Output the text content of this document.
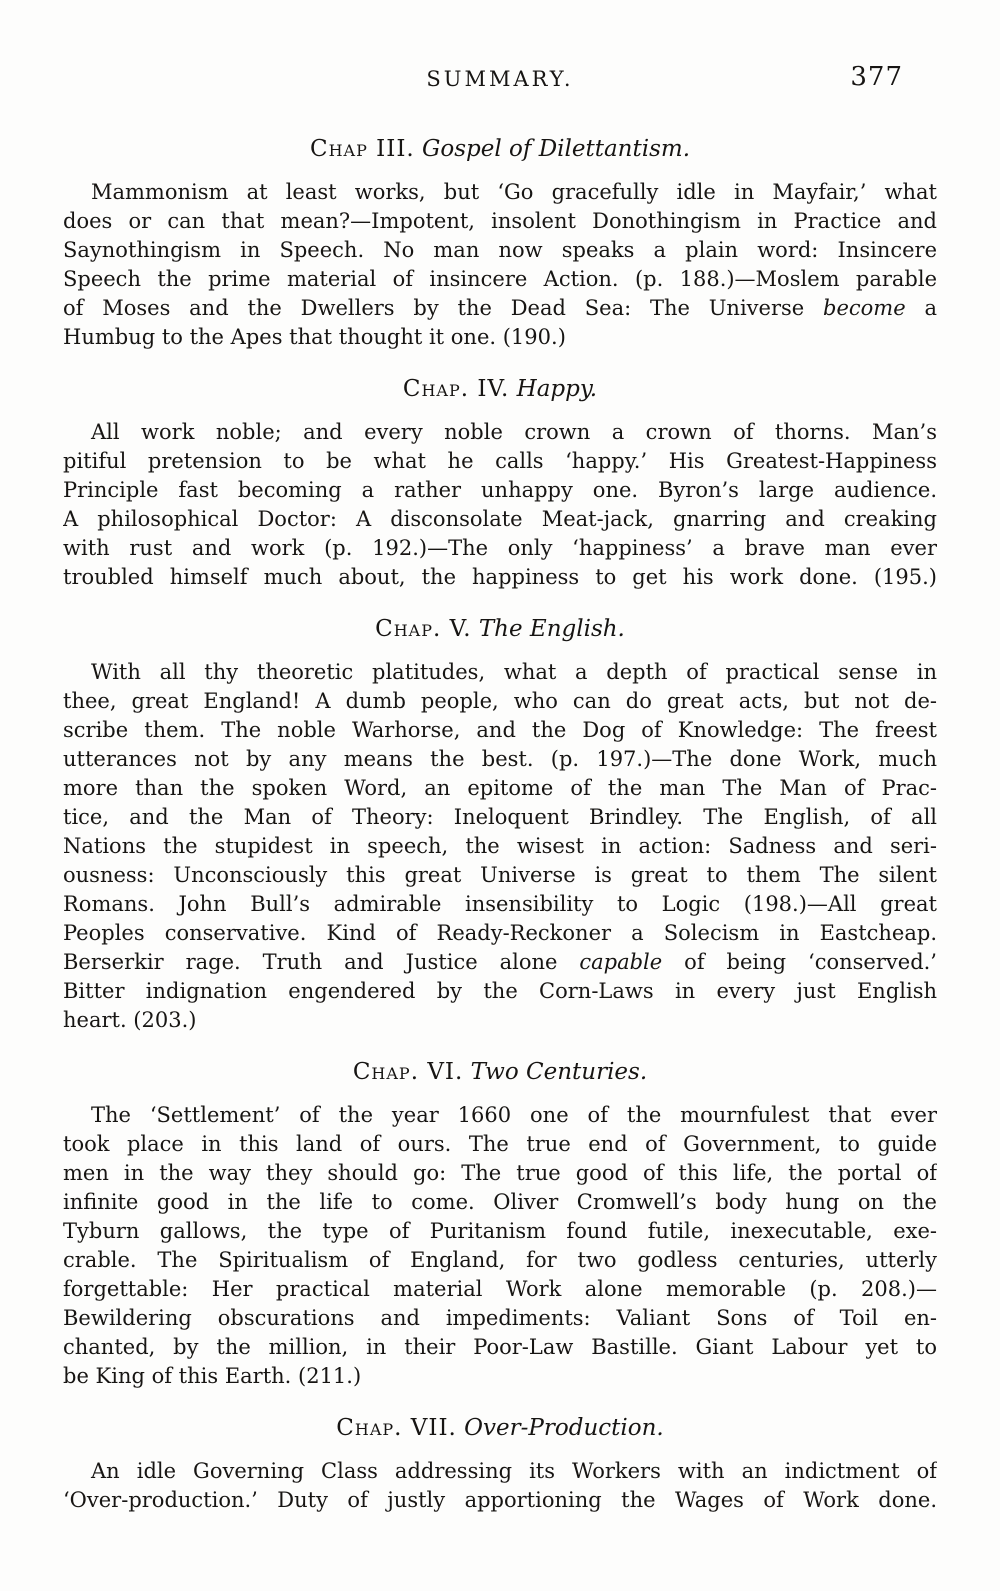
SUMMARY.	377
Chap III. Gospel of Dilettantism.
Mammonism at least works, but ‘Go gracefully idle in Mayfair,’ what
does or can that mean?—Impotent, insolent Donothingism in Practice and
Saynothingism in Speech. No man now speaks a plain word: Insincere
Speech the prime material of insincere Action. (p. 188.)—Moslem parable
of Moses and the Dwellers by the Dead Sea: The Universe become a
Humbug to the Apes that thought it one. (190.)
Chap. IV. Happy.
All work noble; and every noble crown a crown of thorns. Man’s
pitiful pretension to be what he calls ‘happy.’ His Greatest-Happiness
Principle fast becoming a rather unhappy one. Byron’s large audience.
A philosophical Doctor: A disconsolate Meat-jack, gnarring and creaking
with rust and work (p. 192.)—The only ‘happiness’ a brave man ever
troubled himself much about, the happiness to get his work done. (195.)
Chap. V. The English.
With all thy theoretic platitudes, what a depth of practical sense in
thee, great England! A dumb people, who can do great acts, but not de-
scribe them. The noble Warhorse, and the Dog of Knowledge: The freest
utterances not by any means the best. (p. 197.)—The done Work, much
more than the spoken Word, an epitome of the man The Man of Prac-
tice, and the Man of Theory: Ineloquent Brindley. The English, of all
Nations the stupidest in speech, the wisest in action: Sadness and seri-
ousness: Unconsciously this great Universe is great to them The silent
Romans. John Bull’s admirable insensibility to Logic (198.)—All great
Peoples conservative. Kind of Ready-Reckoner a Solecism in Eastcheap.
Berserkir rage. Truth and Justice alone capable of being ‘conserved.’
Bitter indignation engendered by the Corn-Laws in every just English
heart. (203.)
Chap. VI. Two Centuries.
The ‘Settlement’ of the year 1660 one of the mournfulest that ever
took place in this land of ours. The true end of Government, to guide
men in the way they should go: The true good of this life, the portal of
infinite good in the life to come. Oliver Cromwell’s body hung on the
Tyburn gallows, the type of Puritanism found futile, inexecutable, exe-
crable. The Spiritualism of England, for two godless centuries, utterly
forgettable: Her practical material Work alone memorable (p. 208.)—
Bewildering obscurations and impediments: Valiant Sons of Toil en-
chanted, by the million, in their Poor-Law Bastille. Giant Labour yet to
be King of this Earth. (211.)
Chap. VII. Over-Production.
An idle Governing Class addressing its Workers with an indictment of
‘Over-production.’ Duty of justly apportioning the Wages of Work done.
